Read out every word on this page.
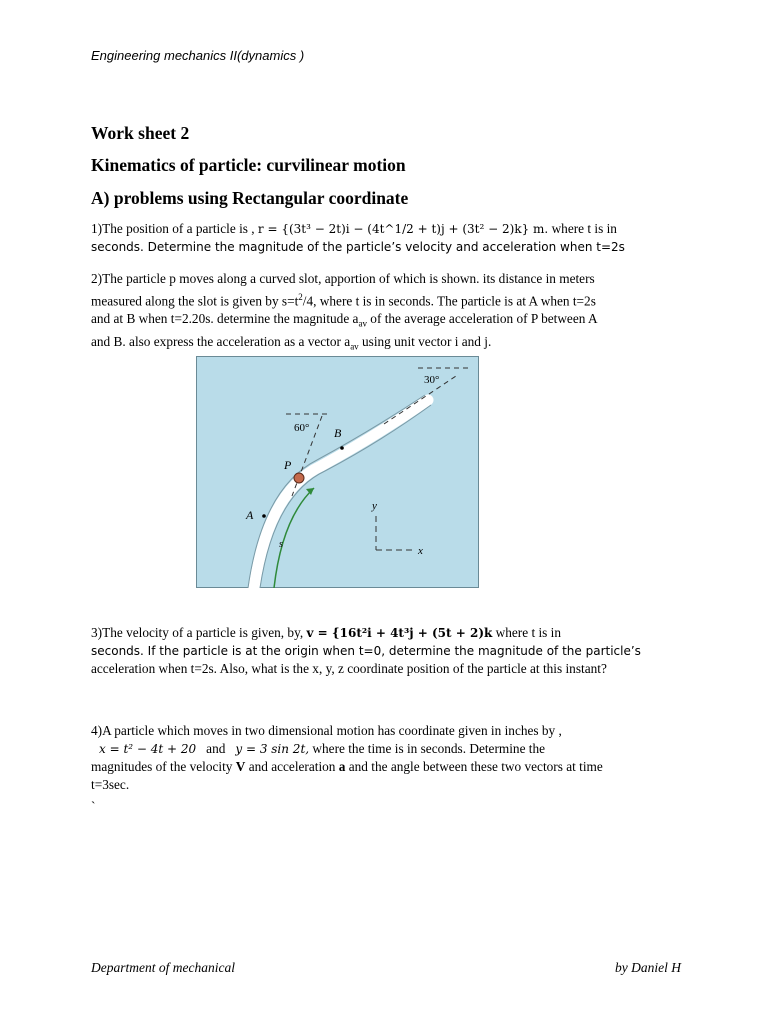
Engineering mechanics II(dynamics )
Work sheet 2
Kinematics of particle: curvilinear motion
A) problems using Rectangular coordinate
1)The position of a particle is , r = {(3t³ − 2t)i − (4t^1/2 + t)j + (3t² − 2)k} m. where t is in
seconds. Determine the magnitude of the particle’s velocity and acceleration when t=2s
2)The particle p moves along a curved slot, apportion of which is shown. its distance in meters
measured along the slot is given by $s=t^2/4$, where t is in seconds. The particle is at A when t=2s
and at B when t=2.20s. determine the magnitude $a_{av}$ of the average acceleration of P between A
and B. also express the acceleration as a vector $a_{av}$ using unit vector i and j.
30°
60°
A
B
P
s
y
x
3)The velocity of a particle is given, by, v = {16t²i + 4t³j + (5t + 2)k where t is in
seconds. If the particle is at the origin when t=0, determine the magnitude of the particle’s
acceleration when t=2s. Also, what is the x, y, z coordinate position of the particle at this instant?
4)A particle which moves in two dimensional motion has coordinate given in inches by ,
x = t² − 4t + 20 and y = 3 sin 2t, where the time is in seconds. Determine the
magnitudes of the velocity V and acceleration a and the angle between these two vectors at time
t=3sec.
`
Department of mechanical	by Daniel H
